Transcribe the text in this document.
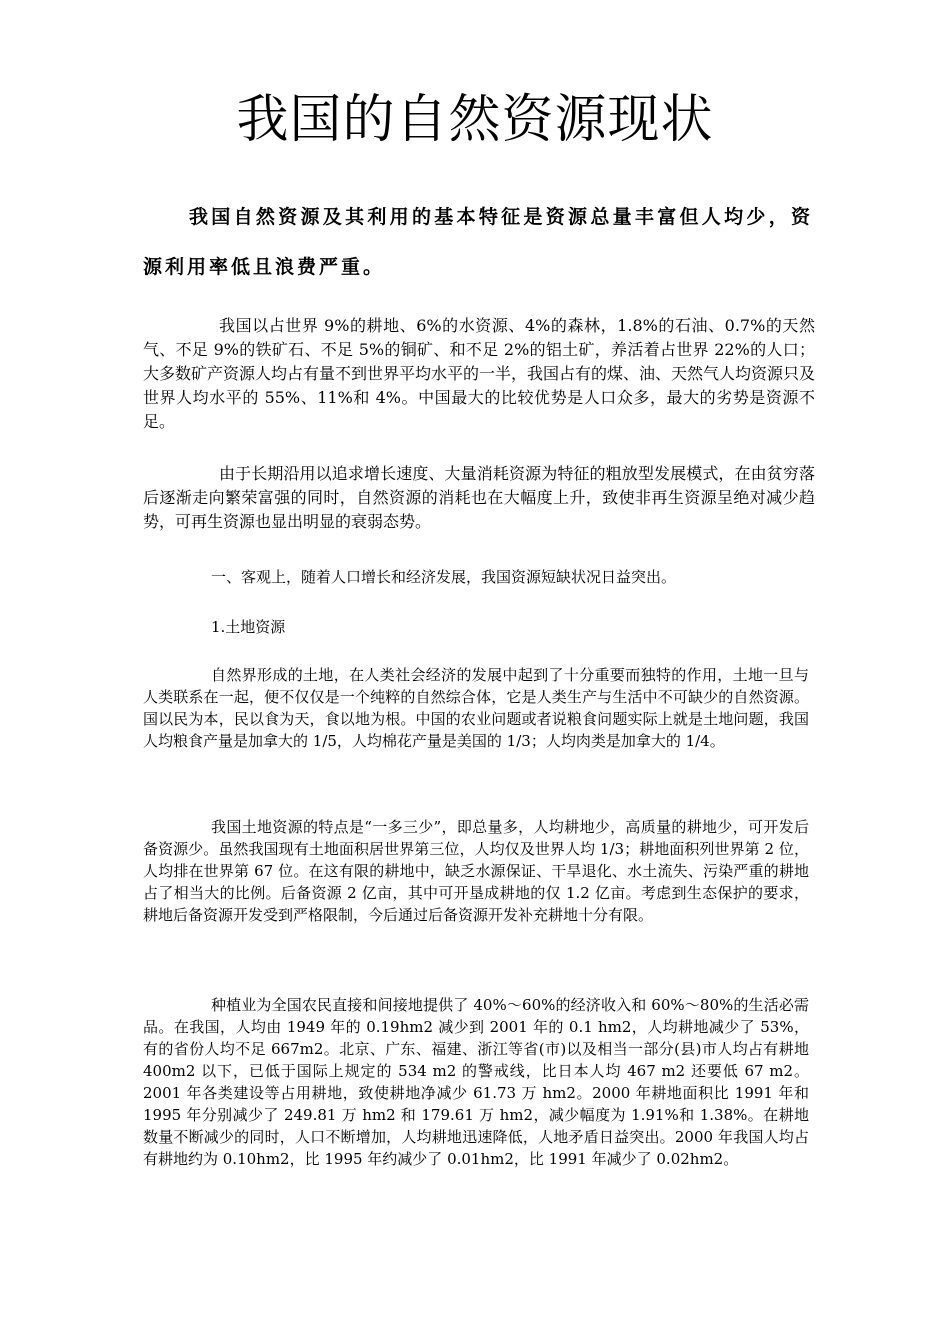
我国的自然资源现状

我国自然资源及其利用的基本特征是资源总量丰富但人均少，资源利用率低且浪费严重。

我国以占世界 9%的耕地、6%的水资源、4%的森林，1.8%的石油、0.7%的天然气、不足 9%的铁矿石、不足 5%的铜矿、和不足 2%的铝土矿，养活着占世界 22%的人口；大多数矿产资源人均占有量不到世界平均水平的一半，我国占有的煤、油、天然气人均资源只及世界人均水平的 55%、11%和 4%。中国最大的比较优势是人口众多，最大的劣势是资源不足。

由于长期沿用以追求增长速度、大量消耗资源为特征的粗放型发展模式，在由贫穷落后逐渐走向繁荣富强的同时，自然资源的消耗也在大幅度上升，致使非再生资源呈绝对减少趋势，可再生资源也显出明显的衰弱态势。

一、客观上，随着人口增长和经济发展，我国资源短缺状况日益突出。

1.土地资源

自然界形成的土地，在人类社会经济的发展中起到了十分重要而独特的作用，土地一旦与人类联系在一起，便不仅仅是一个纯粹的自然综合体，它是人类生产与生活中不可缺少的自然资源。国以民为本，民以食为天，食以地为根。中国的农业问题或者说粮食问题实际上就是土地问题，我国人均粮食产量是加拿大的 1/5，人均棉花产量是美国的 1/3；人均肉类是加拿大的 1/4。

我国土地资源的特点是“一多三少”，即总量多，人均耕地少，高质量的耕地少，可开发后备资源少。虽然我国现有土地面积居世界第三位，人均仅及世界人均 1/3；耕地面积列世界第 2 位，人均排在世界第 67 位。在这有限的耕地中，缺乏水源保证、干旱退化、水土流失、污染严重的耕地占了相当大的比例。后备资源 2 亿亩，其中可开垦成耕地的仅 1.2 亿亩。考虑到生态保护的要求，耕地后备资源开发受到严格限制，今后通过后备资源开发补充耕地十分有限。

种植业为全国农民直接和间接地提供了 40%～60%的经济收入和 60%～80%的生活必需品。在我国，人均由 1949 年的 0.19hm2 减少到 2001 年的 0.1 hm2，人均耕地减少了 53%，有的省份人均不足 667m2。北京、广东、福建、浙江等省(市)以及相当一部分(县)市人均占有耕地 400m2 以下，已低于国际上规定的 534 m2 的警戒线，比日本人均 467 m2 还要低 67 m2。2001 年各类建设等占用耕地，致使耕地净减少 61.73 万 hm2。2000 年耕地面积比 1991 年和 1995 年分别减少了 249.81 万 hm2 和 179.61 万 hm2，减少幅度为 1.91%和 1.38%。在耕地数量不断减少的同时，人口不断增加，人均耕地迅速降低，人地矛盾日益突出。2000 年我国人均占有耕地约为 0.10hm2，比 1995 年约减少了 0.01hm2，比 1991 年减少了 0.02hm2。
